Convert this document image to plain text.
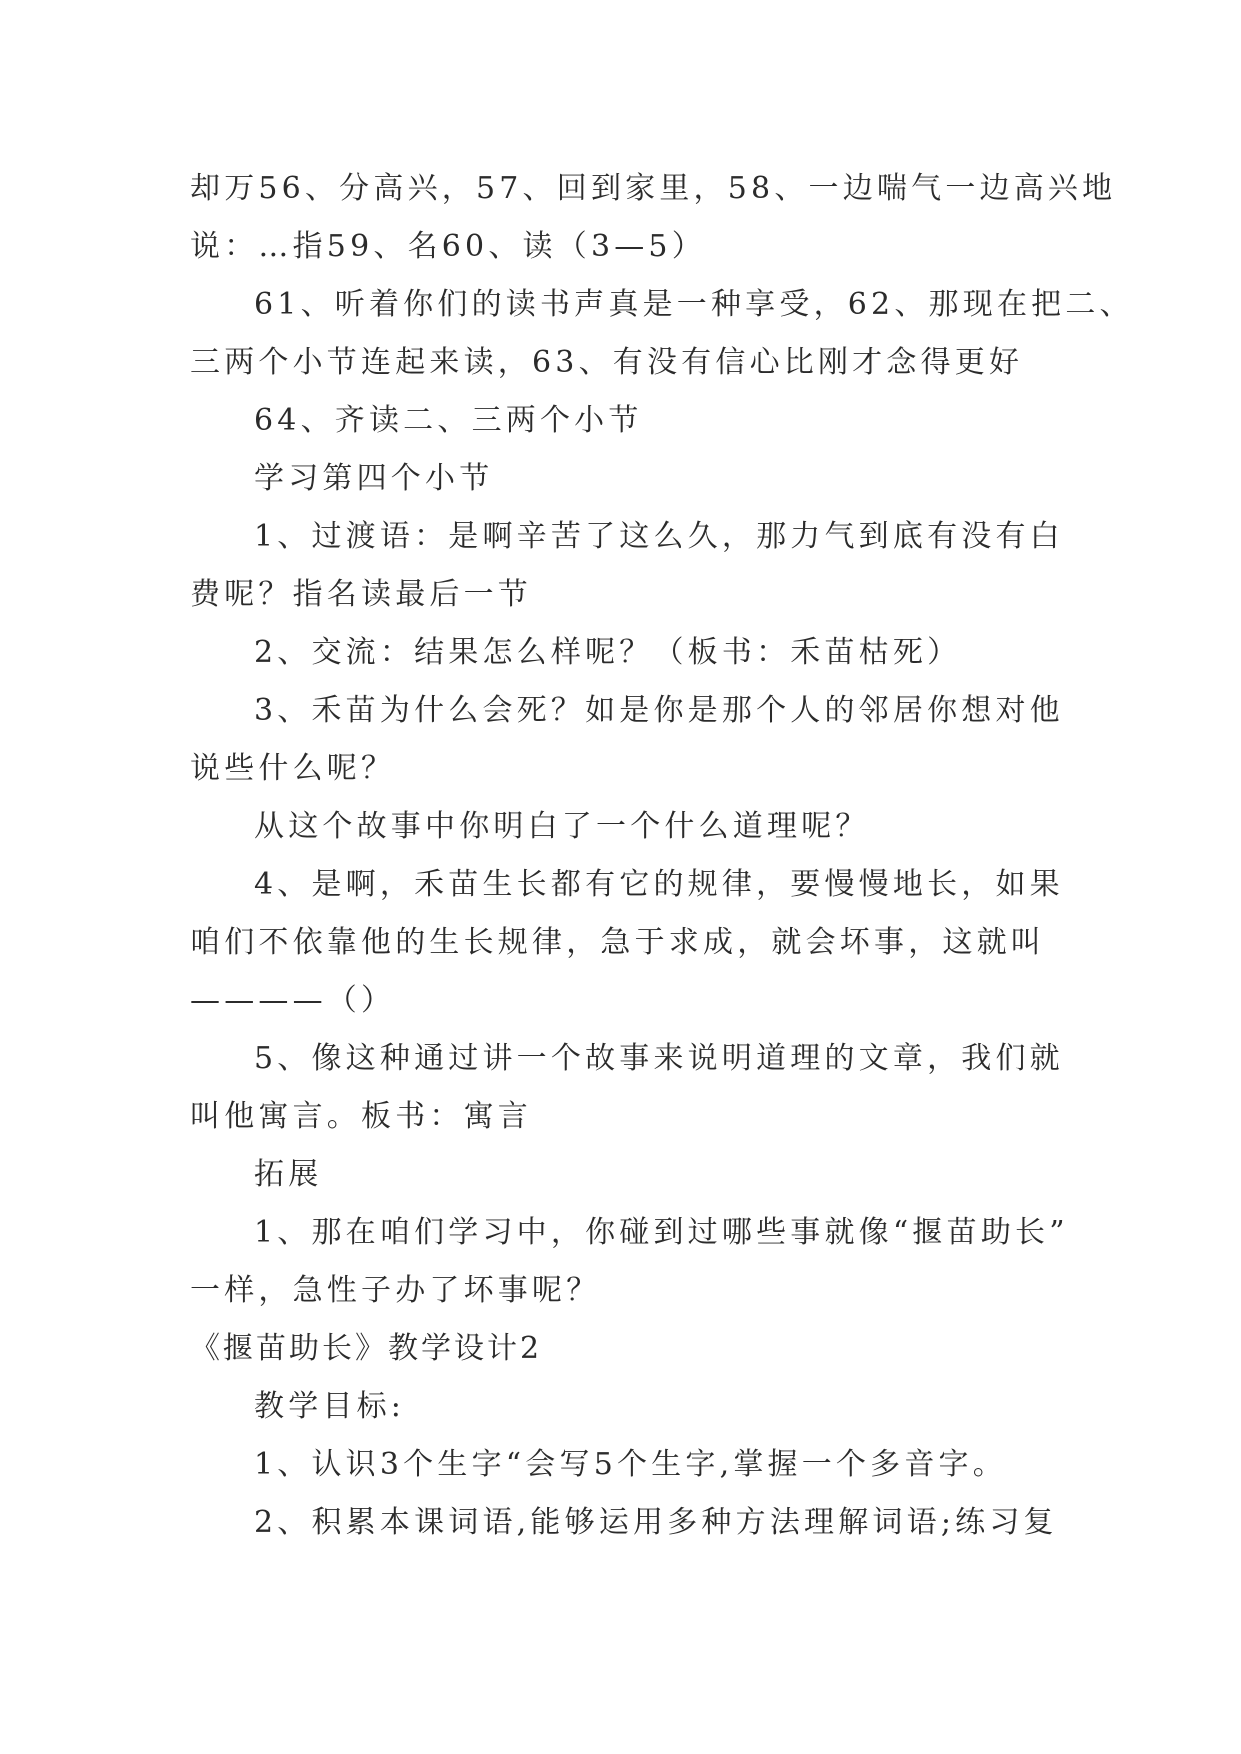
却万56、分高兴，57、回到家里，58、一边喘气一边高兴地
说：…指59、名60、读（3—5）
61、听着你们的读书声真是一种享受，62、那现在把二、
三两个小节连起来读，63、有没有信心比刚才念得更好
64、齐读二、三两个小节
学习第四个小节
1、过渡语：是啊辛苦了这么久，那力气到底有没有白
费呢？指名读最后一节
2、交流：结果怎么样呢？（板书：禾苗枯死）
3、禾苗为什么会死？如是你是那个人的邻居你想对他
说些什么呢？
从这个故事中你明白了一个什么道理呢？
4、是啊，禾苗生长都有它的规律，要慢慢地长，如果
咱们不依靠他的生长规律，急于求成，就会坏事，这就叫
————（）
5、像这种通过讲一个故事来说明道理的文章，我们就
叫他寓言。板书：寓言
拓展
1、那在咱们学习中，你碰到过哪些事就像“揠苗助长”
一样，急性子办了坏事呢？
《揠苗助长》教学设计2
教学目标:
1、认识3个生字“会写5个生字,掌握一个多音字。
2、积累本课词语,能够运用多种方法理解词语;练习复
